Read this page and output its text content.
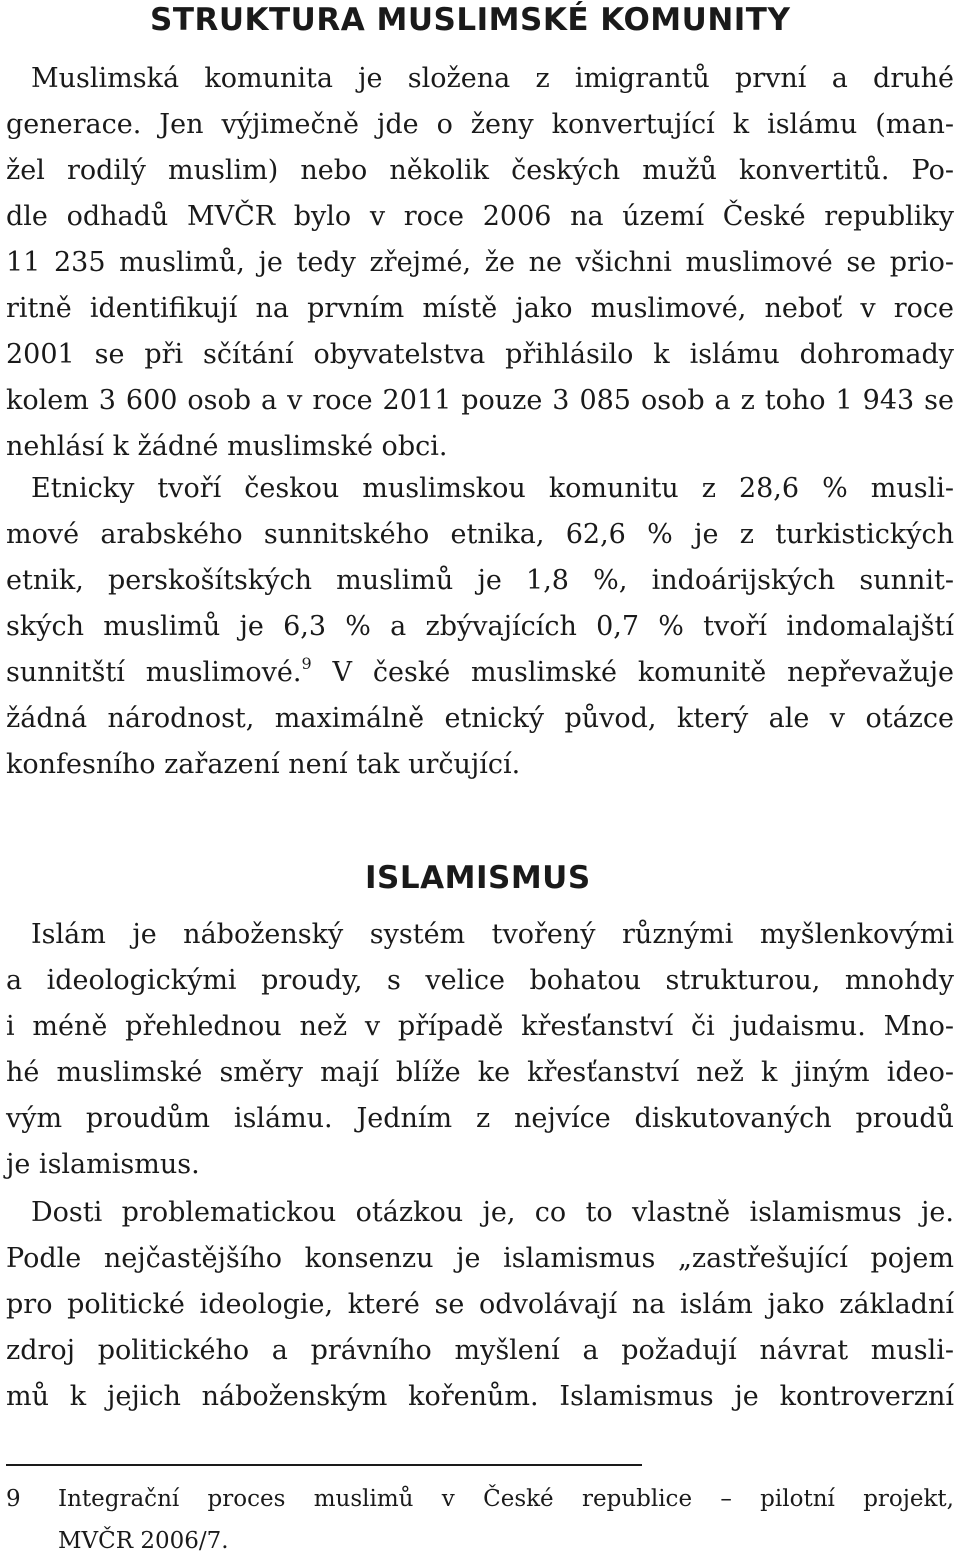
STRUKTURA MUSLIMSKÉ KOMUNITY

Muslimská komunita je složena z imigrantů první a druhé
generace. Jen výjimečně jde o ženy konvertující k islámu (man-
žel rodilý muslim) nebo několik českých mužů konvertitů. Po-
dle odhadů MVČR bylo v roce 2006 na území České republiky
11 235 muslimů, je tedy zřejmé, že ne všichni muslimové se prio-
ritně identifikují na prvním místě jako muslimové, neboť v roce
2001 se při sčítání obyvatelstva přihlásilo k islámu dohromady
kolem 3 600 osob a v roce 2011 pouze 3 085 osob a z toho 1 943 se
nehlásí k žádné muslimské obci.

Etnicky tvoří českou muslimskou komunitu z 28,6 % musli-
mové arabského sunnitského etnika, 62,6 % je z turkistických
etnik, perskošítských muslimů je 1,8 %, indoárijských sunnit-
ských muslimů je 6,3 % a zbývajících 0,7 % tvoří indomalajští
sunnitští muslimové.$^9$ V české muslimské komunitě nepřevažuje
žádná národnost, maximálně etnický původ, který ale v otázce
konfesního zařazení není tak určující.

ISLAMISMUS

Islám je náboženský systém tvořený různými myšlenkovými
a ideologickými proudy, s velice bohatou strukturou, mnohdy
i méně přehlednou než v případě křesťanství či judaismu. Mno-
hé muslimské směry mají blíže ke křesťanství než k jiným ideo-
vým proudům islámu. Jedním z nejvíce diskutovaných proudů
je islamismus.

Dosti problematickou otázkou je, co to vlastně islamismus je.
Podle nejčastějšího konsenzu je islamismus „zastřešující pojem
pro politické ideologie, které se odvolávají na islám jako základní
zdroj politického a právního myšlení a požadují návrat musli-
mů k jejich náboženským kořenům. Islamismus je kontroverzní

9 Integrační proces muslimů v České republice – pilotní projekt,
MVČR 2006/7.
